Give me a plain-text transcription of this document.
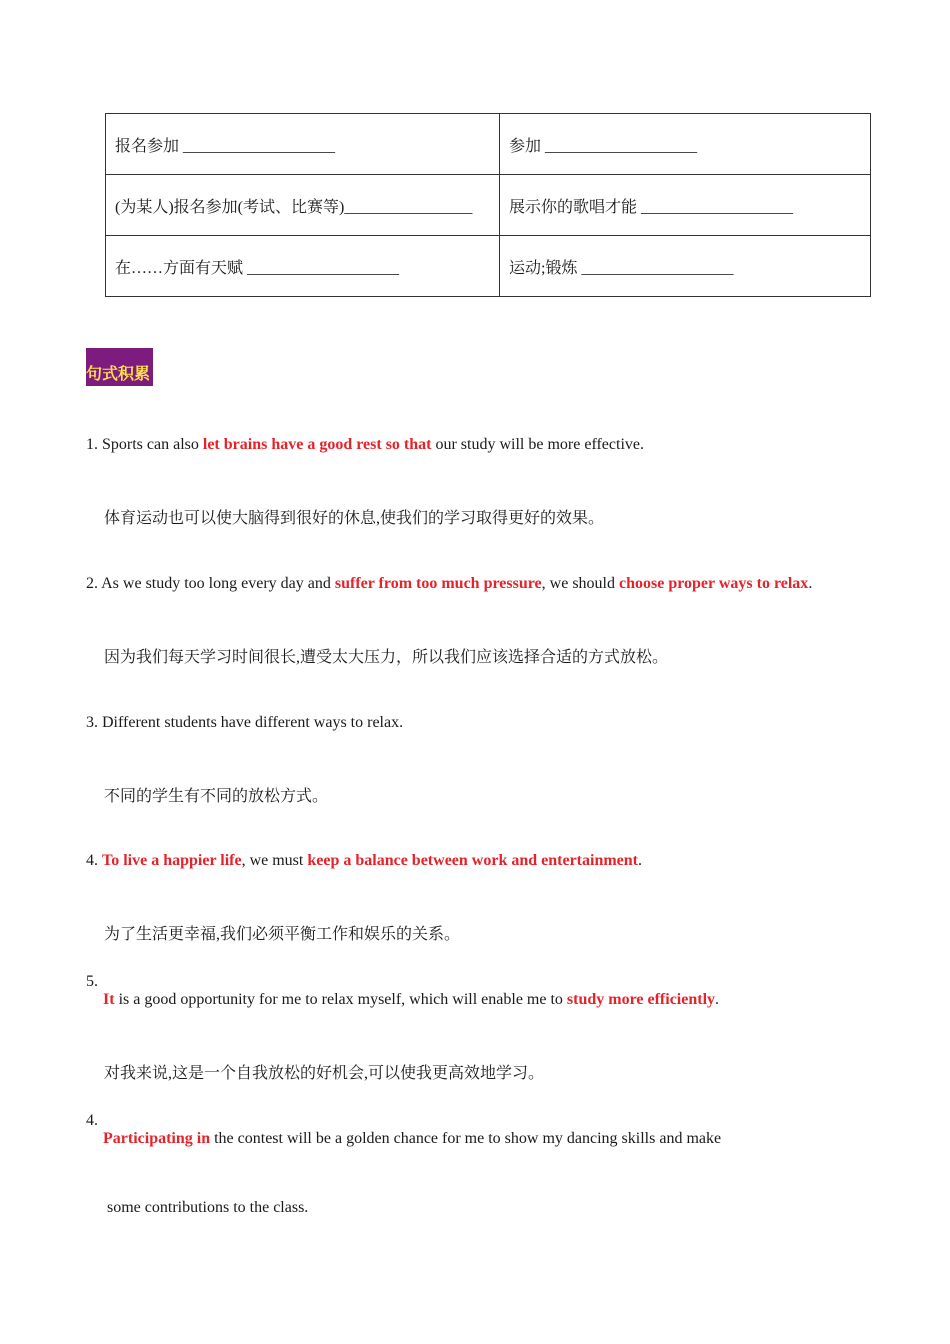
报名参加 ___________________	参加 ___________________
(为某人)报名参加(考试、比赛等)________________	展示你的歌唱才能 ___________________
在……方面有天赋 ___________________	运动;锻炼 ___________________
句式积累
1. Sports can also let brains have a good rest so that our study will be more effective.
体育运动也可以使大脑得到很好的休息,使我们的学习取得更好的效果。
2. As we study too long every day and suffer from too much pressure, we should choose proper ways to relax.
因为我们每天学习时间很长,遭受太大压力，所以我们应该选择合适的方式放松。
3. Different students have different ways to relax.
不同的学生有不同的放松方式。
4. To live a happier life, we must keep a balance between work and entertainment.
为了生活更幸福,我们必须平衡工作和娱乐的关系。
5.
It is a good opportunity for me to relax myself, which will enable me to study more efficiently.
对我来说,这是一个自我放松的好机会,可以使我更高效地学习。
4.
Participating in the contest will be a golden chance for me to show my dancing skills and make
some contributions to the class.
